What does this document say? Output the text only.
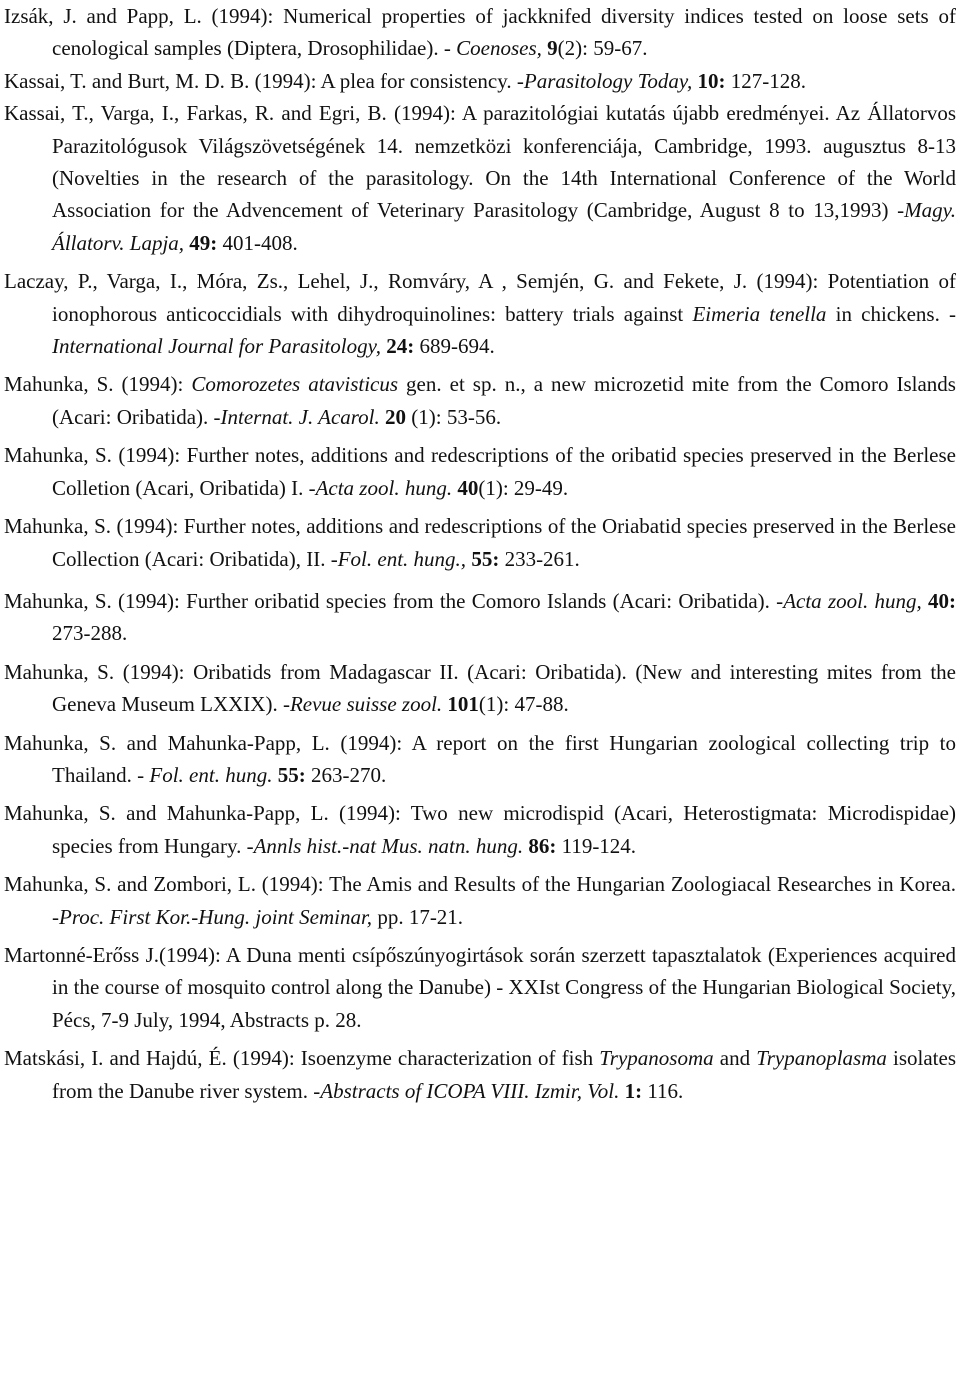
Izsák, J. and Papp, L. (1994): Numerical properties of jackknifed diversity indices tested on loose sets of cenological samples (Diptera, Drosophilidae). - Coenoses, 9(2): 59-67.

Kassai, T. and Burt, M. D. B. (1994): A plea for consistency. -Parasitology Today, 10: 127-128.

Kassai, T., Varga, I., Farkas, R. and Egri, B. (1994): A parazitológiai kutatás újabb eredményei. Az Állatorvos Parazitológusok Világszövetségének 14. nemzetközi konferenciája, Cambridge, 1993. augusztus 8-13 (Novelties in the research of the parasitology. On the 14th International Conference of the World Association for the Advencement of Veterinary Parasitology (Cambridge, August 8 to 13,1993) -Magy. Állatorv. Lapja, 49: 401-408.

Laczay, P., Varga, I., Móra, Zs., Lehel, J., Romváry, A , Semjén, G. and Fekete, J. (1994): Potentiation of ionophorous anticoccidials with dihydroquinolines: battery trials against Eimeria tenella in chickens. - International Journal for Parasitology, 24: 689-694.

Mahunka, S. (1994): Comorozetes atavisticus gen. et sp. n., a new microzetid mite from the Comoro Islands (Acari: Oribatida). -Internat. J. Acarol. 20 (1): 53-56.

Mahunka, S. (1994): Further notes, additions and redescriptions of the oribatid species preserved in the Berlese Colletion (Acari, Oribatida) I. -Acta zool. hung. 40(1): 29-49.

Mahunka, S. (1994): Further notes, additions and redescriptions of the Oriabatid species preserved in the Berlese Collection (Acari: Oribatida), II. -Fol. ent. hung., 55: 233-261.

Mahunka, S. (1994): Further oribatid species from the Comoro Islands (Acari: Oribatida). -Acta zool. hung, 40: 273-288.

Mahunka, S. (1994): Oribatids from Madagascar II. (Acari: Oribatida). (New and interesting mites from the Geneva Museum LXXIX). -Revue suisse zool. 101(1): 47-88.

Mahunka, S. and Mahunka-Papp, L. (1994): A report on the first Hungarian zoological collecting trip to Thailand. - Fol. ent. hung. 55: 263-270.

Mahunka, S. and Mahunka-Papp, L. (1994): Two new microdispid (Acari, Heterostigmata: Microdispidae) species from Hungary. -Annls hist.-nat Mus. natn. hung. 86: 119-124.

Mahunka, S. and Zombori, L. (1994): The Amis and Results of the Hungarian Zoologiacal Researches in Korea. -Proc. First Kor.-Hung. joint Seminar, pp. 17-21.

Martonné-Erőss J.(1994): A Duna menti csípőszúnyogirtások során szerzett tapasztalatok (Experiences acquired in the course of mosquito control along the Danube) - XXIst Congress of the Hungarian Biological Society, Pécs, 7-9 July, 1994, Abstracts p. 28.

Matskási, I. and Hajdú, É. (1994): Isoenzyme characterization of fish Trypanosoma and Trypanoplasma isolates from the Danube river system. -Abstracts of ICOPA VIII. Izmir, Vol. 1: 116.
